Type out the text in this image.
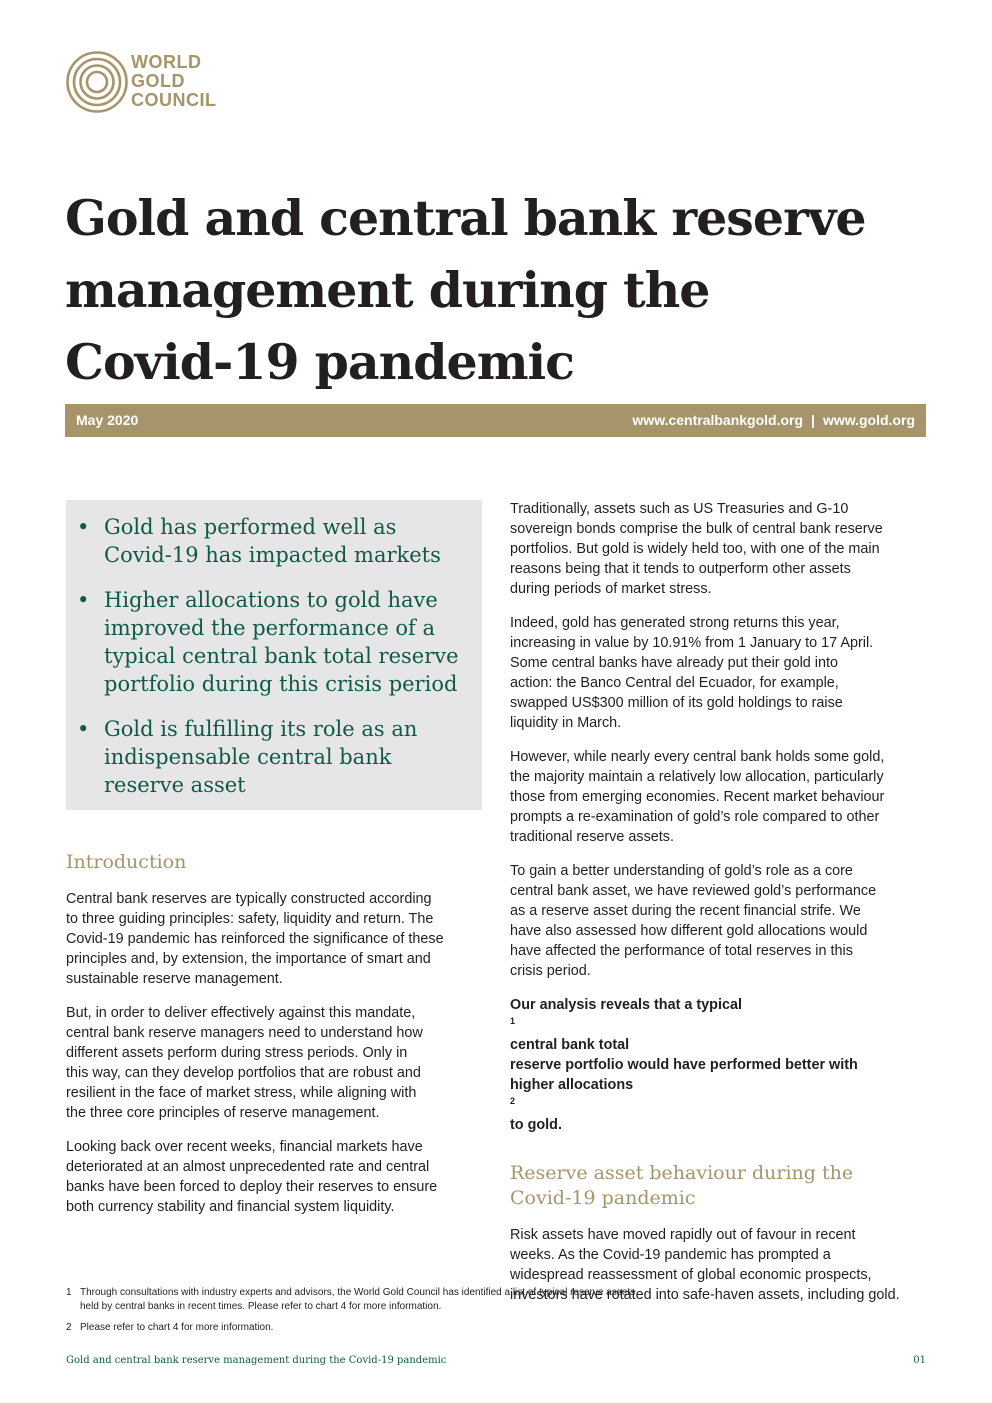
WORLD
GOLD
COUNCIL
Gold and central bank reserve
management during the
Covid-19 pandemic
May 2020	www.centralbankgold.org | www.gold.org
• Gold has performed well as
Covid-19 has impacted markets
• Higher allocations to gold have
improved the performance of a
typical central bank total reserve
portfolio during this crisis period
• Gold is fulfilling its role as an
indispensable central bank
reserve asset
Introduction

Central bank reserves are typically constructed according
to three guiding principles: safety, liquidity and return. The
Covid-19 pandemic has reinforced the significance of these
principles and, by extension, the importance of smart and
sustainable reserve management.

But, in order to deliver effectively against this mandate,
central bank reserve managers need to understand how
different assets perform during stress periods. Only in
this way, can they develop portfolios that are robust and
resilient in the face of market stress, while aligning with
the three core principles of reserve management.

Looking back over recent weeks, financial markets have
deteriorated at an almost unprecedented rate and central
banks have been forced to deploy their reserves to ensure
both currency stability and financial system liquidity.

Traditionally, assets such as US Treasuries and G-10
sovereign bonds comprise the bulk of central bank reserve
portfolios. But gold is widely held too, with one of the main
reasons being that it tends to outperform other assets
during periods of market stress.

Indeed, gold has generated strong returns this year,
increasing in value by 10.91% from 1 January to 17 April.
Some central banks have already put their gold into
action: the Banco Central del Ecuador, for example,
swapped US$300 million of its gold holdings to raise
liquidity in March.

However, while nearly every central bank holds some gold,
the majority maintain a relatively low allocation, particularly
those from emerging economies. Recent market behaviour
prompts a re-examination of gold’s role compared to other
traditional reserve assets.

To gain a better understanding of gold’s role as a core
central bank asset, we have reviewed gold’s performance
as a reserve asset during the recent financial strife. We
have also assessed how different gold allocations would
have affected the performance of total reserves in this
crisis period.

Our analysis reveals that a typical
$^1$
central bank total
reserve portfolio would have performed better with
higher allocations
$^2$
to gold.

Reserve asset behaviour during the
Covid-19 pandemic

Risk assets have moved rapidly out of favour in recent
weeks. As the Covid-19 pandemic has prompted a
widespread reassessment of global economic prospects,
investors have rotated into safe-haven assets, including gold.

1 Through consultations with industry experts and advisors, the World Gold Council has identified a list of typical reserve assets
held by central banks in recent times. Please refer to chart 4 for more information.
2 Please refer to chart 4 for more information.
Gold and central bank reserve management during the Covid-19 pandemic	01
